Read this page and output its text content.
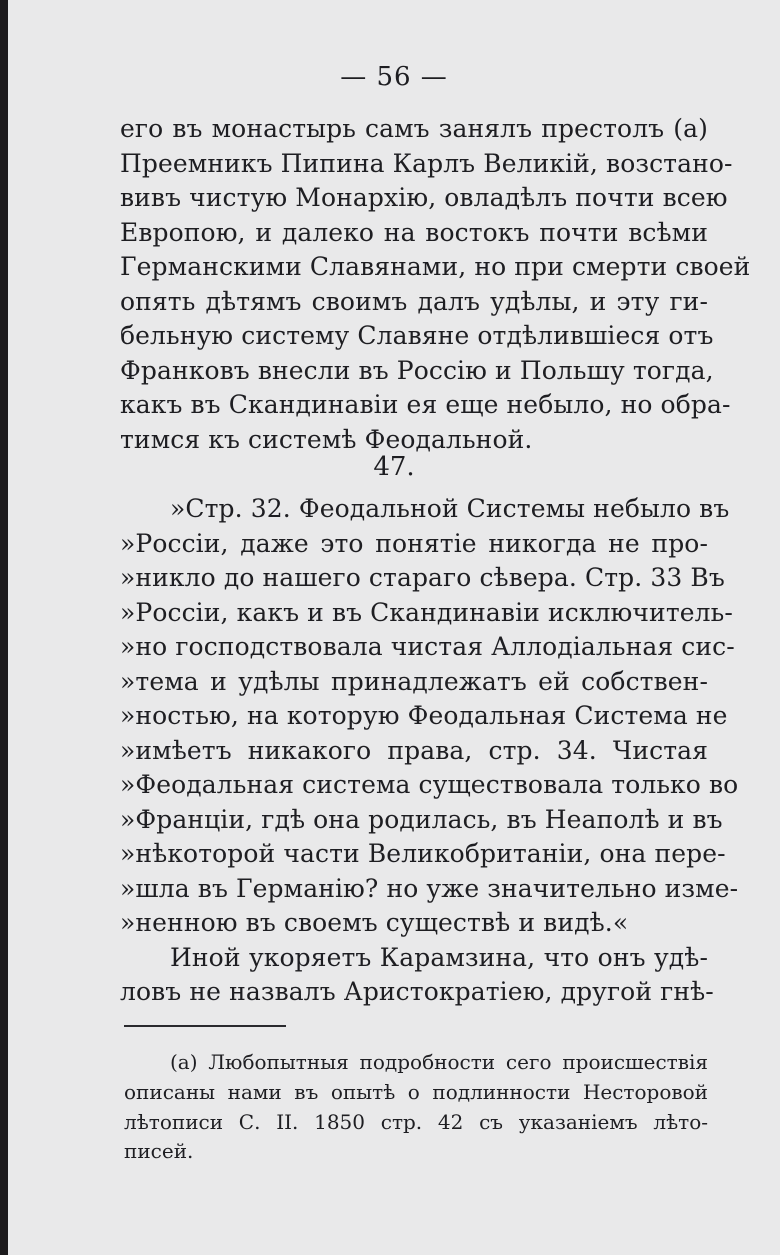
— 56 —
его въ монастырь самъ занялъ престолъ (а)
Преемникъ Пипина Карлъ Великій, возстано-
вивъ чистую Монархію, овладѣлъ почти всею
Европою, и далеко на востокъ почти всѣми
Германскими Славянами, но при смерти своей
опять дѣтямъ своимъ далъ удѣлы, и эту ги-
бельную систему Славяне отдѣлившіеся отъ
Франковъ внесли въ Россію и Польшу тогда,
какъ въ Скандинавіи ея еще небыло, но обра-
тимся къ системѣ Феодальной.
47.
»Стр. 32. Феодальной Системы небыло въ
»Россіи, даже это понятіе никогда не про-
»никло до нашего стараго сѣвера. Стр. 33 Въ
»Россіи, какъ и въ Скандинавіи исключитель-
»но господствовала чистая Аллодіальная сис-
»тема и удѣлы принадлежатъ ей собствен-
»ностью, на которую Феодальная Система не
»имѣетъ никакого права, стр. 34. Чистая
»Феодальная система существовала только во
»Франціи, гдѣ она родилась, въ Неаполѣ и въ
»нѣкоторой части Великобританіи, она пере-
»шла въ Германію? но уже значительно изме-
»ненною въ своемъ существѣ и видѣ.«
Иной укоряетъ Карамзина, что онъ удѣ-
ловъ не назвалъ Аристократіею, другой гнѣ-
(а) Любопытныя подробности сего происшествія
описаны нами въ опытѣ о подлинности Несторовой
лѣтописи С. II. 1850 стр. 42 съ указаніемъ лѣто-
писей.
